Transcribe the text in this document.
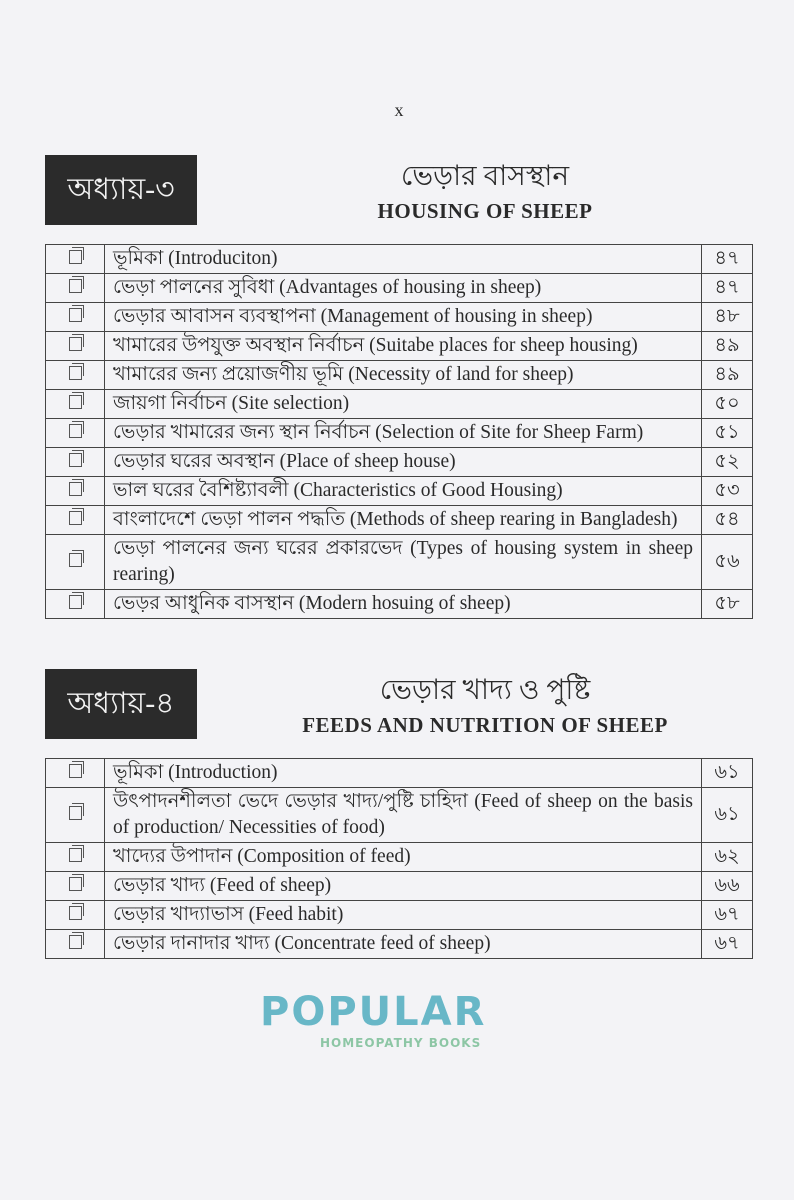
x
অধ্যায়-৩	ভেড়ার বাসস্থান
HOUSING OF SHEEP
	ভূমিকা (Introduciton)	৪৭
	ভেড়া পালনের সুবিধা (Advantages of housing in sheep)	৪৭
	ভেড়ার আবাসন ব্যবস্থাপনা (Management of housing in sheep)	৪৮
	খামারের উপযুক্ত অবস্থান নির্বাচন (Suitabe places for sheep housing)	৪৯
	খামারের জন্য প্রয়োজণীয় ভূমি (Necessity of land for sheep)	৪৯
	জায়গা নির্বাচন (Site selection)	৫০
	ভেড়ার খামারের জন্য স্থান নির্বাচন (Selection of Site for Sheep Farm)	৫১
	ভেড়ার ঘরের অবস্থান (Place of sheep house)	৫২
	ভাল ঘরের বৈশিষ্ট্যাবলী (Characteristics of Good Housing)	৫৩
	বাংলাদেশে ভেড়া পালন পদ্ধতি (Methods of sheep rearing in Bangladesh)	৫৪
	ভেড়া পালনের জন্য ঘরের প্রকারভেদ (Types of housing system in sheep rearing)	৫৬
	ভেড়র আধুনিক বাসস্থান (Modern hosuing of sheep)	৫৮
অধ্যায়-৪	ভেড়ার খাদ্য ও পুষ্টি
FEEDS AND NUTRITION OF SHEEP
	ভূমিকা (Introduction)	৬১
	উৎপাদনশীলতা ভেদে ভেড়ার খাদ্য/পুষ্টি চাহিদা (Feed of sheep on the basis of production/ Necessities of food)	৬১
	খাদ্যের উপাদান (Composition of feed)	৬২
	ভেড়ার খাদ্য (Feed of sheep)	৬৬
	ভেড়ার খাদ্যাভাস (Feed habit)	৬৭
	ভেড়ার দানাদার খাদ্য (Concentrate feed of sheep)	৬৭
POPULAR
HOMEOPATHY BOOKS
